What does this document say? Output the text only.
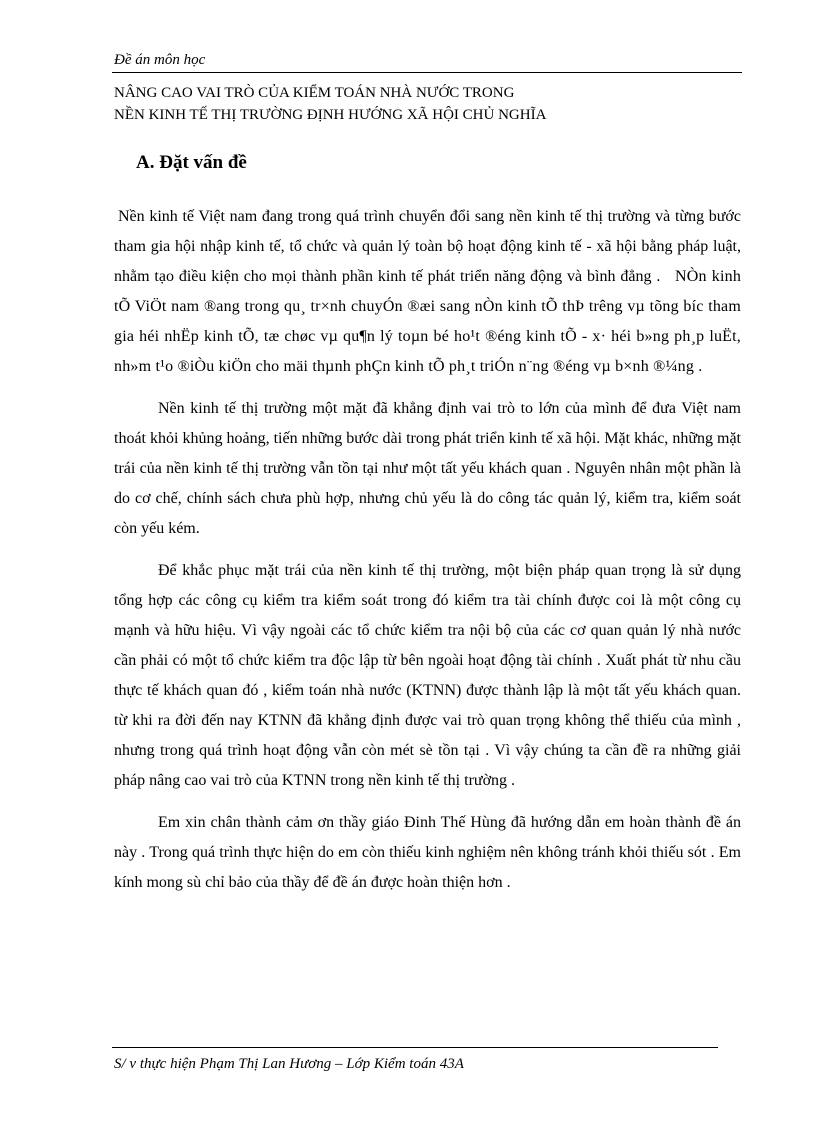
Đề án môn học
NÂNG CAO VAI TRÒ CỦA KIỂM TOÁN NHÀ NƯỚC TRONG
NỀN KINH TẾ THỊ TRƯỜNG ĐỊNH HƯỚNG XÃ HỘI CHỦ NGHĨA
A. Đặt vấn đề

Nền kinh tế Việt nam đang trong quá trình chuyển đổi sang nền kinh tế thị trường và từng bước tham gia hội nhập kinh tế, tổ chức và quản lý toàn bộ hoạt động kinh tế - xã hội bằng pháp luật, nhằm tạo điều kiện cho mọi thành phần kinh tế phát triển năng động và bình đẳng . NÒn kinh tÕ ViÖt nam ®ang trong qu¸ tr×nh chuyÓn ®æi sang nÒn kinh tÕ thÞ trêng vµ tõng bíc tham gia héi nhËp kinh tÕ, tæ chøc vµ qu¶n lý toµn bé ho¹t ®éng kinh tÕ - x· héi b»ng ph¸p luËt, nh»m t¹o ®iÒu kiÖn cho mäi thµnh phÇn kinh tÕ ph¸t triÓn n¨ng ®éng vµ b×nh ®¼ng .

Nền kinh tế thị trường một mặt đã khẳng định vai trò to lớn của mình để đưa Việt nam thoát khỏi khủng hoảng, tiến những bước dài trong phát triển kinh tế xã hội. Mặt khác, những mặt trái của nền kinh tế thị trường vẫn tồn tại như một tất yếu khách quan . Nguyên nhân một phần là do cơ chế, chính sách chưa phù hợp, nhưng chủ yếu là do công tác quản lý, kiểm tra, kiểm soát còn yếu kém.

Để khắc phục mặt trái của nền kinh tế thị trường, một biện pháp quan trọng là sử dụng tổng hợp các công cụ kiểm tra kiểm soát trong đó kiểm tra tài chính được coi là một công cụ mạnh và hữu hiệu. Vì vậy ngoài các tổ chức kiểm tra nội bộ của các cơ quan quản lý nhà nước cần phải có một tổ chức kiểm tra độc lập từ bên ngoài hoạt động tài chính . Xuất phát từ nhu cầu thực tế khách quan đó , kiểm toán nhà nước (KTNN) được thành lập là một tất yếu khách quan. từ khi ra đời đến nay KTNN đã khẳng định được vai trò quan trọng không thể thiếu của mình , nhưng trong quá trình hoạt động vẫn còn mét sè tồn tại . Vì vậy chúng ta cần đề ra những giải pháp nâng cao vai trò của KTNN trong nền kinh tế thị trường .

Em xin chân thành cảm ơn thầy giáo Đinh Thế Hùng đã hướng dẫn em hoàn thành đề án này . Trong quá trình thực hiện do em còn thiếu kinh nghiệm nên không tránh khỏi thiếu sót . Em kính mong sù chỉ bảo của thầy để đề án được hoàn thiện hơn .

S/ v thực hiện Phạm Thị Lan Hương – Lớp Kiểm toán 43A
